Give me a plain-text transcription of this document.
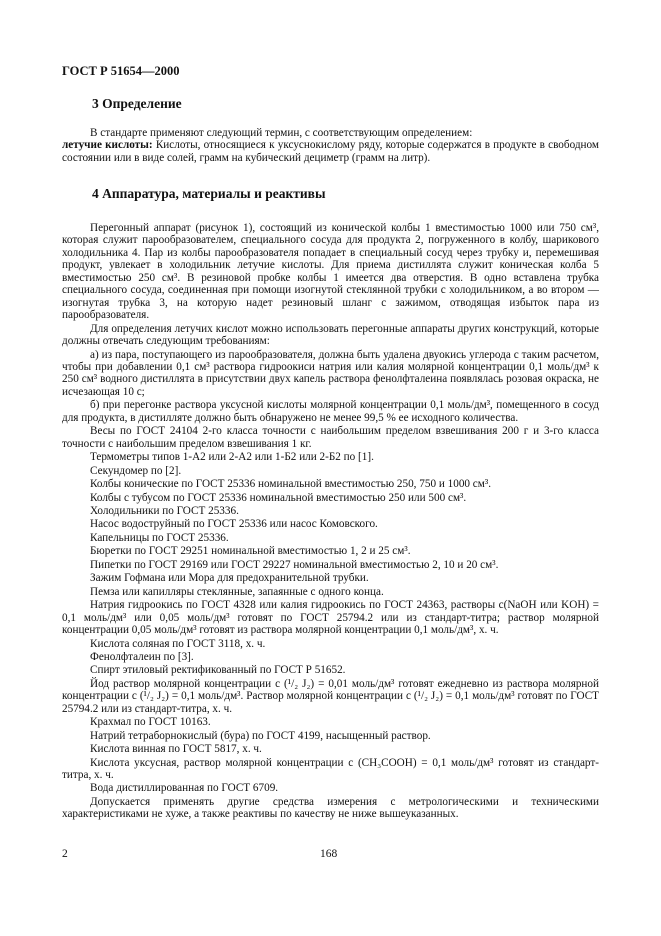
ГОСТ Р 51654—2000
3 Определение

В стандарте применяют следующий термин, с соответствующим определением:

летучие кислоты: Кислоты, относящиеся к уксуснокислому ряду, которые содержатся в продукте в свободном состоянии или в виде солей, грамм на кубический дециметр (грамм на литр).

4 Аппаратура, материалы и реактивы

Перегонный аппарат (рисунок 1), состоящий из конической колбы 1 вместимостью 1000 или 750 см³, которая служит парообразователем, специального сосуда для продукта 2, погруженного в колбу, шарикового холодильника 4. Пар из колбы парообразователя попадает в специальный сосуд через трубку и, перемешивая продукт, увлекает в холодильник летучие кислоты. Для приема дистиллята служит коническая колба 5 вместимостью 250 см³. В резиновой пробке колбы 1 имеется два отверстия. В одно вставлена трубка специального сосуда, соединенная при помощи изогнутой стеклянной трубки с холодильником, а во втором — изогнутая трубка 3, на которую надет резиновый шланг с зажимом, отводящая избыток пара из парообразователя.

Для определения летучих кислот можно использовать перегонные аппараты других конструкций, которые должны отвечать следующим требованиям:

а) из пара, поступающего из парообразователя, должна быть удалена двуокись углерода с таким расчетом, чтобы при добавлении 0,1 см³ раствора гидроокиси натрия или калия молярной концентрации 0,1 моль/дм³ к 250 см³ водного дистиллята в присутствии двух капель раствора фенолфталеина появлялась розовая окраска, не исчезающая 10 с;

б) при перегонке раствора уксусной кислоты молярной концентрации 0,1 моль/дм³, помещенного в сосуд для продукта, в дистилляте должно быть обнаружено не менее 99,5 % ее исходного количества.

Весы по ГОСТ 24104 2-го класса точности с наибольшим пределом взвешивания 200 г и 3-го класса точности с наибольшим пределом взвешивания 1 кг.

Термометры типов 1-А2 или 2-А2 или 1-Б2 или 2-Б2 по [1].

Секундомер по [2].

Колбы конические по ГОСТ 25336 номинальной вместимостью 250, 750 и 1000 см³.

Колбы с тубусом по ГОСТ 25336 номинальной вместимостью 250 или 500 см³.

Холодильники по ГОСТ 25336.

Насос водоструйный по ГОСТ 25336 или насос Комовского.

Капельницы по ГОСТ 25336.

Бюретки по ГОСТ 29251 номинальной вместимостью 1, 2 и 25 см³.

Пипетки по ГОСТ 29169 или ГОСТ 29227 номинальной вместимостью 2, 10 и 20 см³.

Зажим Гофмана или Мора для предохранительной трубки.

Пемза или капилляры стеклянные, запаянные с одного конца.

Натрия гидроокись по ГОСТ 4328 или калия гидроокись по ГОСТ 24363, растворы с(NaOH или KOH) = 0,1 моль/дм³ или 0,05 моль/дм³ готовят по ГОСТ 25794.2 или из стандарт-титра; раствор молярной концентрации 0,05 моль/дм³ готовят из раствора молярной концентрации 0,1 моль/дм³, х. ч.

Кислота соляная по ГОСТ 3118, х. ч.

Фенолфталеин по [3].

Спирт этиловый ректификованный по ГОСТ Р 51652.

Йод раствор молярной концентрации с (¹/₂ J₂) = 0,01 моль/дм³ готовят ежедневно из раствора молярной концентрации с (¹/₂ J₂) = 0,1 моль/дм³. Раствор молярной концентрации с (¹/₂ J₂) = 0,1 моль/дм³ готовят по ГОСТ 25794.2 или из стандарт-титра, х. ч.

Крахмал по ГОСТ 10163.

Натрий тетраборнокислый (бура) по ГОСТ 4199, насыщенный раствор.

Кислота винная по ГОСТ 5817, х. ч.

Кислота уксусная, раствор молярной концентрации с (CH₃COOH) = 0,1 моль/дм³ готовят из стандарт-титра, х. ч.

Вода дистиллированная по ГОСТ 6709.

Допускается применять другие средства измерения с метрологическими и техническими характеристиками не хуже, а также реактивы по качеству не ниже вышеуказанных.

2	168
